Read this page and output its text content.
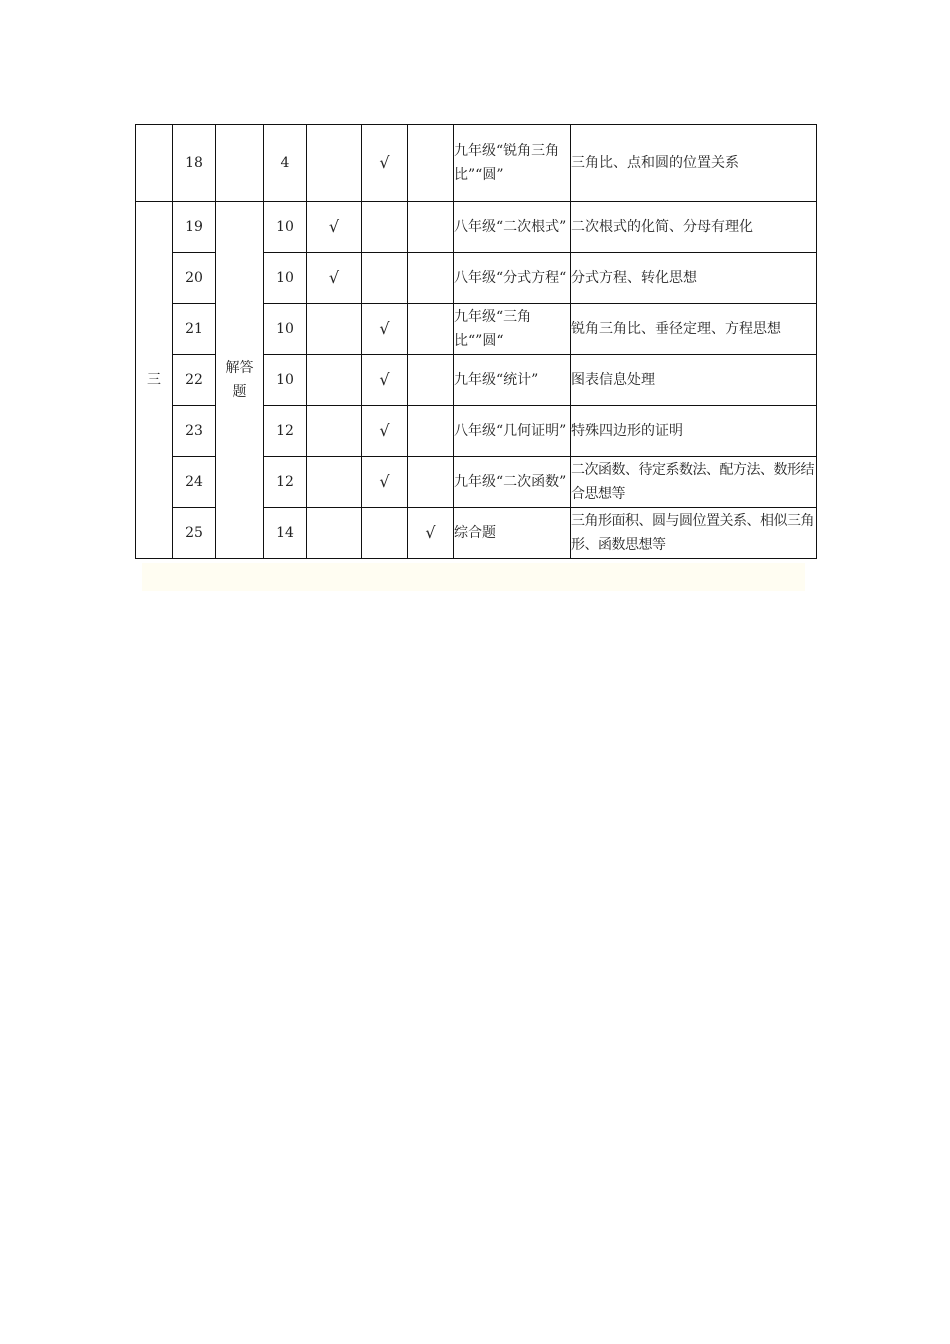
	18		4		√		九年级“锐角三角比”“圆”	三角比、点和圆的位置关系
三	19	解答题	10	√			八年级“二次根式”	二次根式的化简、分母有理化
	20		10	√			八年级“分式方程“	分式方程、转化思想
	21		10		√		九年级“三角比“”圆“	锐角三角比、垂径定理、方程思想
	22		10		√		九年级“统计”	图表信息处理
	23		12		√		八年级“几何证明”	特殊四边形的证明
	24		12		√		九年级“二次函数”	二次函数、待定系数法、配方法、数形结合思想等
	25		14			√	综合题	三角形面积、圆与圆位置关系、相似三角形、函数思想等
